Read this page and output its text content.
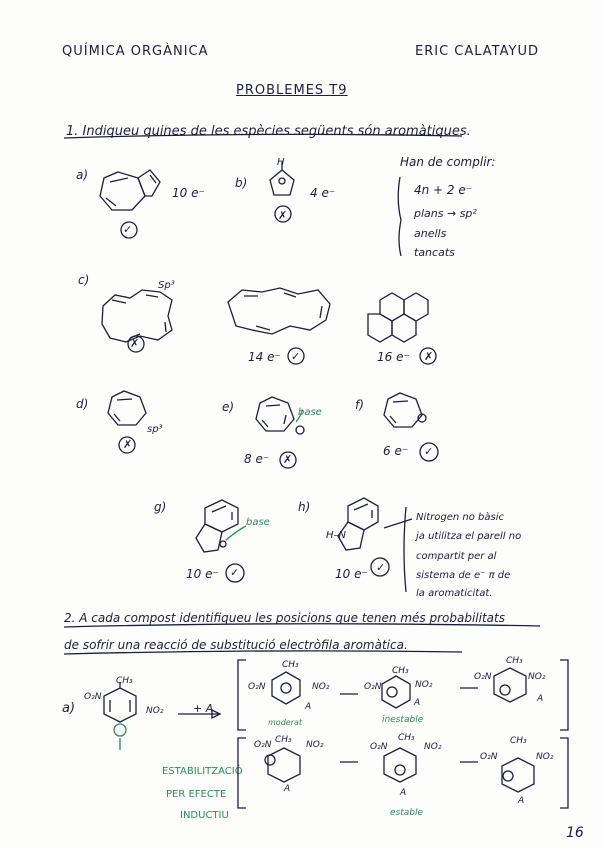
QUÍMICA ORGÀNICA	ERIC CALATAYUD
PROBLEMES T9
1. Indiqueu quines de les espècies següents són aromàtiques.
Han de complir:
4n + 2 e⁻
plans → sp²
anells
tancats
a)
b)
c)
d)	e)	f)
g)	h)
10 e⁻	4 e⁻
14 e⁻	16 e⁻
8 e⁻
6 e⁻
10 e⁻	10 e⁻
✓
✗
✗
✓	✗
✗
✗
✓
✓	✓
Sp³
sp³
base
base
H
H–N
Nitrogen no bàsic
ja utilitza el parell no
compartit per al
sistema de e⁻ π de
la aromaticitat.
2. A cada compost identifiqueu les posicions que tenen més probabilitats
de sofrir una reacció de substitució electròfila aromàtica.
a)	+ A
CH₃
O₂N
NO₂
CH₃
O₂N	NO₂
A
CH₃
O₂N	NO₂
A
CH₃
O₂N	NO₂
A
CH₃
O₂N	NO₂
A
CH₃
O₂N	NO₂
A
CH₃
O₂N	NO₂
A
moderat	inestable
estable
ESTABILITZACIÓ
PER EFECTE
INDUCTIU
16
